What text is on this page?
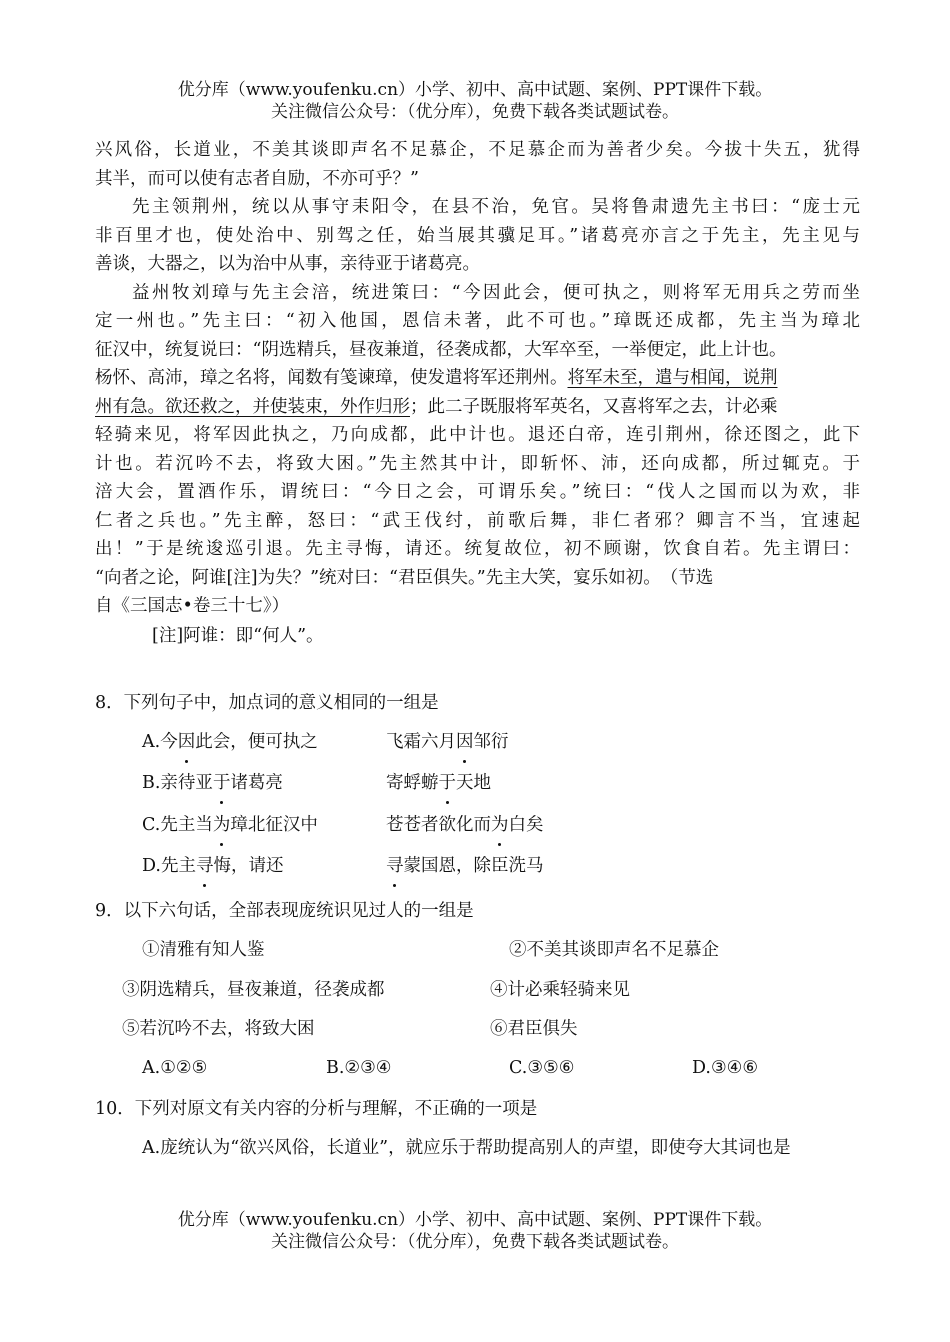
优分库（www.youfenku.cn）小学、初中、高中试题、案例、PPT课件下载。
关注微信公众号：（优分库），免费下载各类试题试卷。
兴风俗，长道业，不美其谈即声名不足慕企，不足慕企而为善者少矣。今拔十失五，犹得
其半，而可以使有志者自励，不亦可乎？”
先主领荆州，统以从事守耒阳令，在县不治，免官。吴将鲁肃遗先主书曰：“庞士元
非百里才也，使处治中、别驾之任，始当展其骥足耳。”诸葛亮亦言之于先主，先主见与
善谈，大器之，以为治中从事，亲待亚于诸葛亮。
益州牧刘璋与先主会涪，统进策曰：“今因此会，便可执之，则将军无用兵之劳而坐
定一州也。”先主曰：“初入他国，恩信未著，此不可也。”璋既还成都，先主当为璋北
征汉中，统复说曰：“阴选精兵，昼夜兼道，径袭成都，大军卒至，一举便定，此上计也。
杨怀、高沛，璋之名将，闻数有笺谏璋，使发遣将军还荆州。将军未至，遣与相闻，说荆
州有急。欲还救之，并使装束，外作归形；此二子既服将军英名，又喜将军之去，计必乘
轻骑来见，将军因此执之，乃向成都，此中计也。退还白帝，连引荆州，徐还图之，此下
计也。若沉吟不去，将致大困。”先主然其中计，即斩怀、沛，还向成都，所过辄克。于
涪大会，置酒作乐，谓统曰：“今日之会，可谓乐矣。”统曰：“伐人之国而以为欢，非
仁者之兵也。”先主醉，怒曰：“武王伐纣，前歌后舞，非仁者邪？卿言不当，宜速起
出！”于是统逡巡引退。先主寻悔，请还。统复故位，初不顾谢，饮食自若。先主谓曰：
“向者之论，阿谁[注]为失？”统对曰：“君臣俱失。”先主大笑，宴乐如初。　（节选
自《三国志•卷三十七》）
[注]阿谁：即“何人”。
8．下列句子中，加点词的意义相同的一组是
A.今因此会，便可执之	飞霜六月因邹衍
B.亲待亚于诸葛亮	寄蜉蝣于天地
C.先主当为璋北征汉中	苍苍者欲化而为白矣
D.先主寻悔，请还	寻蒙国恩，除臣洗马
9．以下六句话，全部表现庞统识见过人的一组是
①清雅有知人鉴	②不美其谈即声名不足慕企
③阴选精兵，昼夜兼道，径袭成都	④计必乘轻骑来见
⑤若沉吟不去，将致大困	⑥君臣俱失
A.①②⑤	B.②③④	C.③⑤⑥	D.③④⑥
10．下列对原文有关内容的分析与理解，不正确的一项是
A.庞统认为“欲兴风俗，长道业”，就应乐于帮助提高别人的声望，即使夸大其词也是
优分库（www.youfenku.cn）小学、初中、高中试题、案例、PPT课件下载。
关注微信公众号：（优分库），免费下载各类试题试卷。
